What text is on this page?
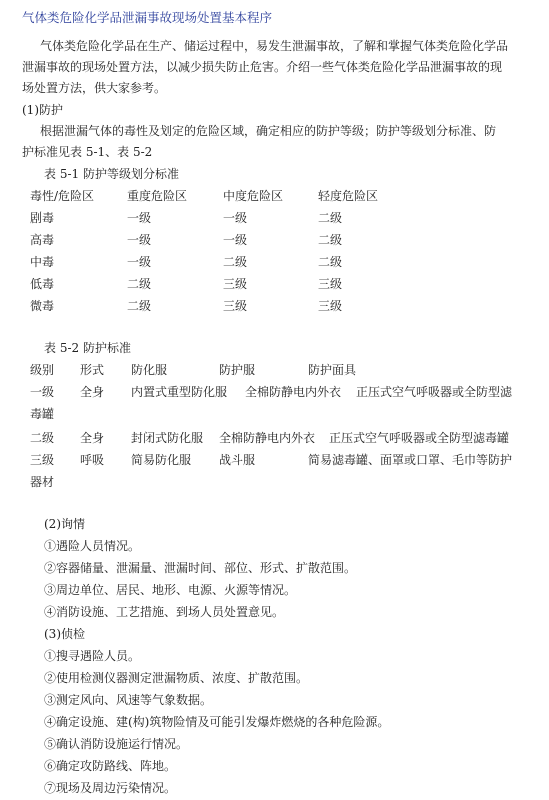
气体类危险化学品泄漏事故现场处置基本程序
气体类危险化学品在生产、储运过程中，易发生泄漏事故，了解和掌握气体类危险化学品
泄漏事故的现场处置方法，以减少损失防止危害。介绍一些气体类危险化学品泄漏事故的现
场处置方法，供大家参考。
(1)防护
根据泄漏气体的毒性及划定的危险区域，确定相应的防护等级；防护等级划分标准、防
护标准见表 5-1、表 5-2
表 5-1 防护等级划分标准
毒性/危险区	重度危险区	中度危险区	轻度危险区
剧毒	一级	一级	二级
高毒	一级	一级	二级
中毒	一级	二级	二级
低毒	二级	三级	三级
微毒	二级	三级	三级
表 5-2 防护标准
级别 形式 防化服	防护服	防护面具
一级 全身 内置式重型防化服 全棉防静电内外衣 正压式空气呼吸器或全防型滤
毒罐
二级 全身 封闭式防化服 全棉防静电内外衣 正压式空气呼吸器或全防型滤毒罐
三级 呼吸 简易防化服 战斗服	简易滤毒罐、面罩或口罩、毛巾等防护
器材
(2)询情
①遇险人员情况。
②容器储量、泄漏量、泄漏时间、部位、形式、扩散范围。
③周边单位、居民、地形、电源、火源等情况。
④消防设施、工艺措施、到场人员处置意见。
(3)侦检
①搜寻遇险人员。
②使用检测仪器测定泄漏物质、浓度、扩散范围。
③测定风向、风速等气象数据。
④确定设施、建(构)筑物险情及可能引发爆炸燃烧的各种危险源。
⑤确认消防设施运行情况。
⑥确定攻防路线、阵地。
⑦现场及周边污染情况。
